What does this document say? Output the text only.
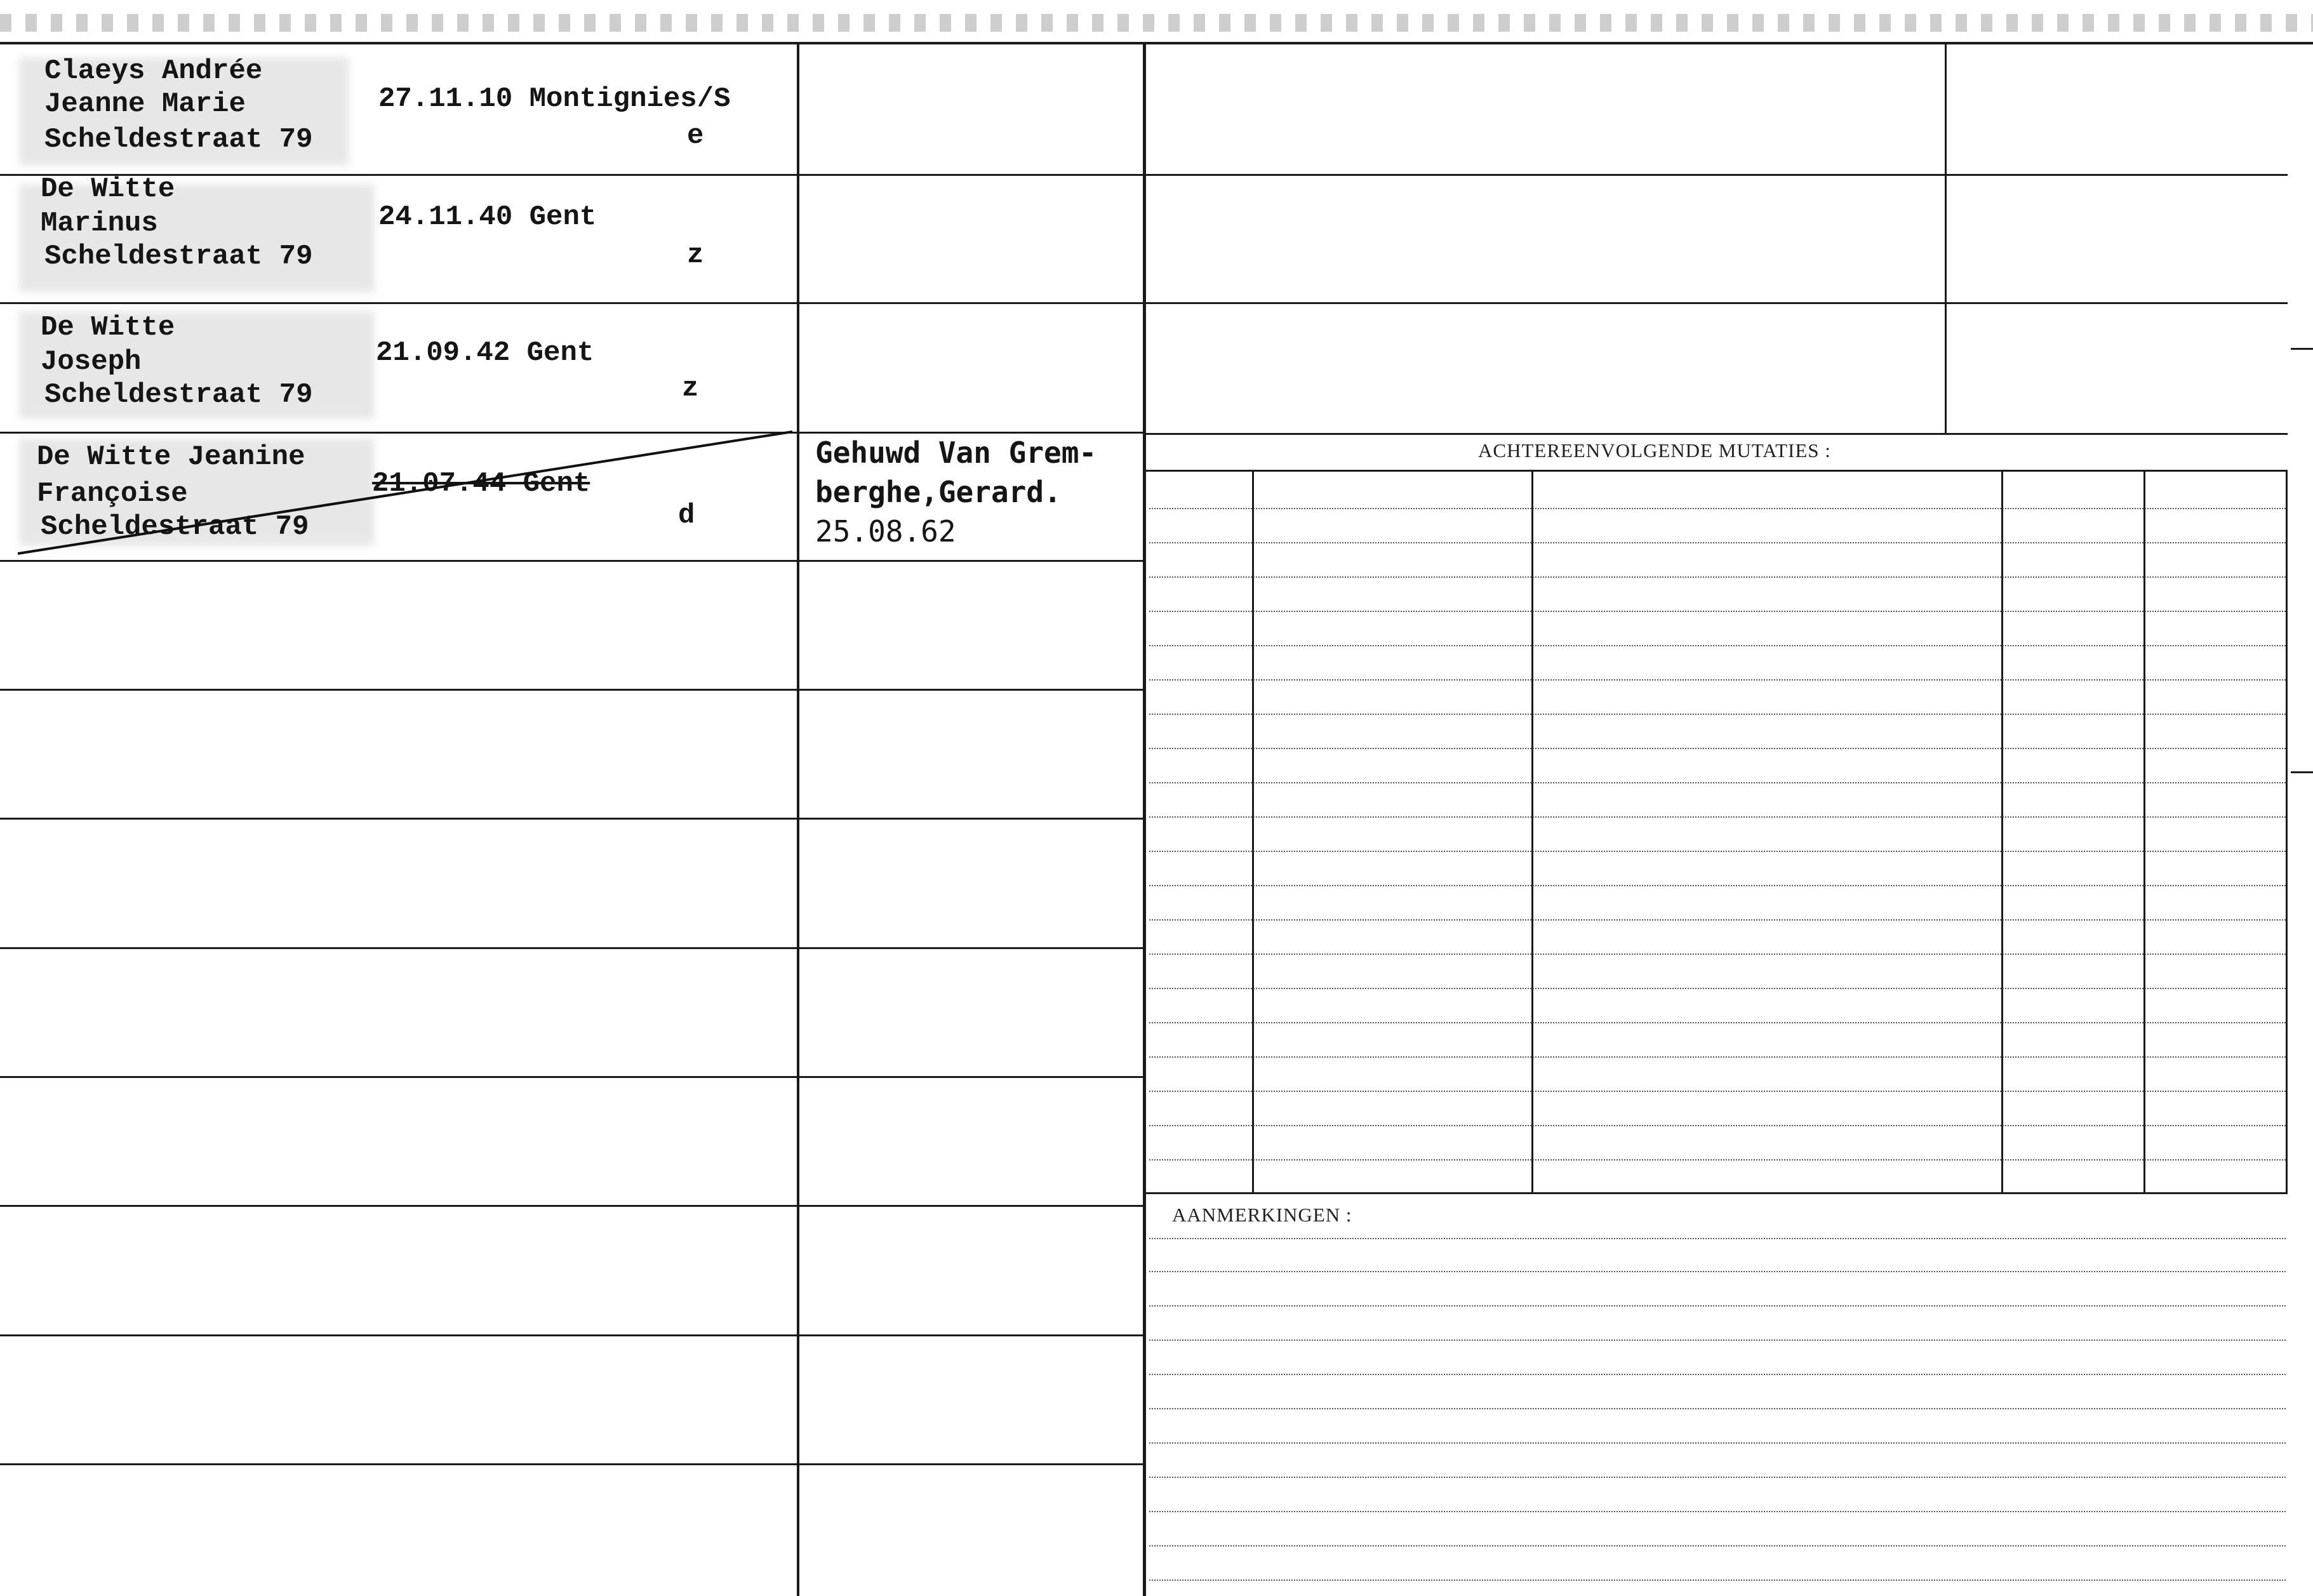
Claeys Andrée
Jeanne Marie
Scheldestraat 79
27.11.10 Montignies/S
e
De Witte
Marinus
Scheldestraat 79
24.11.40 Gent
z
De Witte
Joseph
Scheldestraat 79
21.09.42 Gent
z
De Witte Jeanine
Françoise
Scheldestraat 79
21.07.44 Gent
d
Gehuwd Van Grem-
berghe,Gerard.
25.08.62
ACHTEREENVOLGENDE MUTATIES :
AANMERKINGEN :
